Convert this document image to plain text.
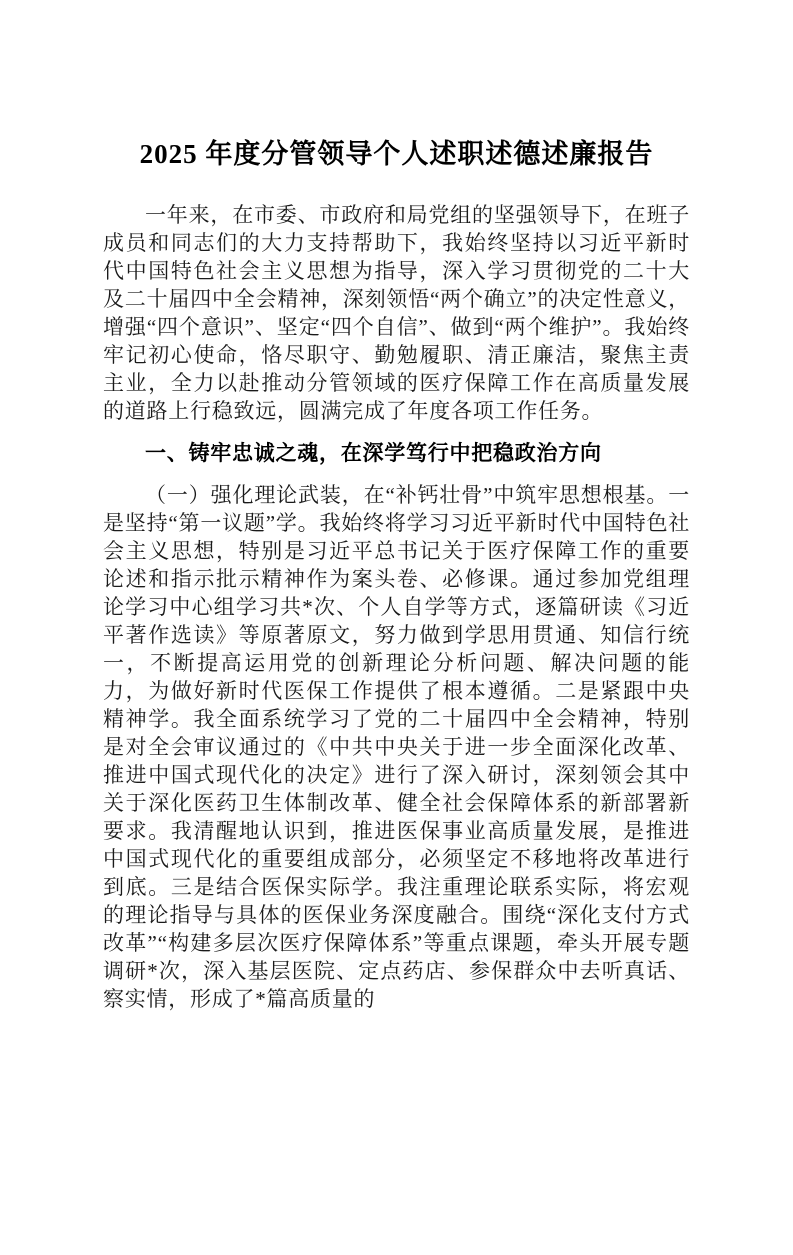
2025 年度分管领导个人述职述德述廉报告

一年来，在市委、市政府和局党组的坚强领导下，在班子成员和同志们的大力支持帮助下，我始终坚持以习近平新时代中国特色社会主义思想为指导，深入学习贯彻党的二十大及二十届四中全会精神，深刻领悟“两个确立”的决定性意义，增强“四个意识”、坚定“四个自信”、做到“两个维护”。我始终牢记初心使命，恪尽职守、勤勉履职、清正廉洁，聚焦主责主业，全力以赴推动分管领域的医疗保障工作在高质量发展的道路上行稳致远，圆满完成了年度各项工作任务。

一、铸牢忠诚之魂，在深学笃行中把稳政治方向

（一）强化理论武装，在“补钙壮骨”中筑牢思想根基。一是坚持“第一议题”学。我始终将学习习近平新时代中国特色社会主义思想，特别是习近平总书记关于医疗保障工作的重要论述和指示批示精神作为案头卷、必修课。通过参加党组理论学习中心组学习共*次、个人自学等方式，逐篇研读《习近平著作选读》等原著原文，努力做到学思用贯通、知信行统一，不断提高运用党的创新理论分析问题、解决问题的能力，为做好新时代医保工作提供了根本遵循。二是紧跟中央精神学。我全面系统学习了党的二十届四中全会精神，特别是对全会审议通过的《中共中央关于进一步全面深化改革、推进中国式现代化的决定》进行了深入研讨，深刻领会其中关于深化医药卫生体制改革、健全社会保障体系的新部署新要求。我清醒地认识到，推进医保事业高质量发展，是推进中国式现代化的重要组成部分，必须坚定不移地将改革进行到底。三是结合医保实际学。我注重理论联系实际，将宏观的理论指导与具体的医保业务深度融合。围绕“深化支付方式改革”“构建多层次医疗保障体系”等重点课题，牵头开展专题调研*次，深入基层医院、定点药店、参保群众中去听真话、察实情，形成了*篇高质量的
